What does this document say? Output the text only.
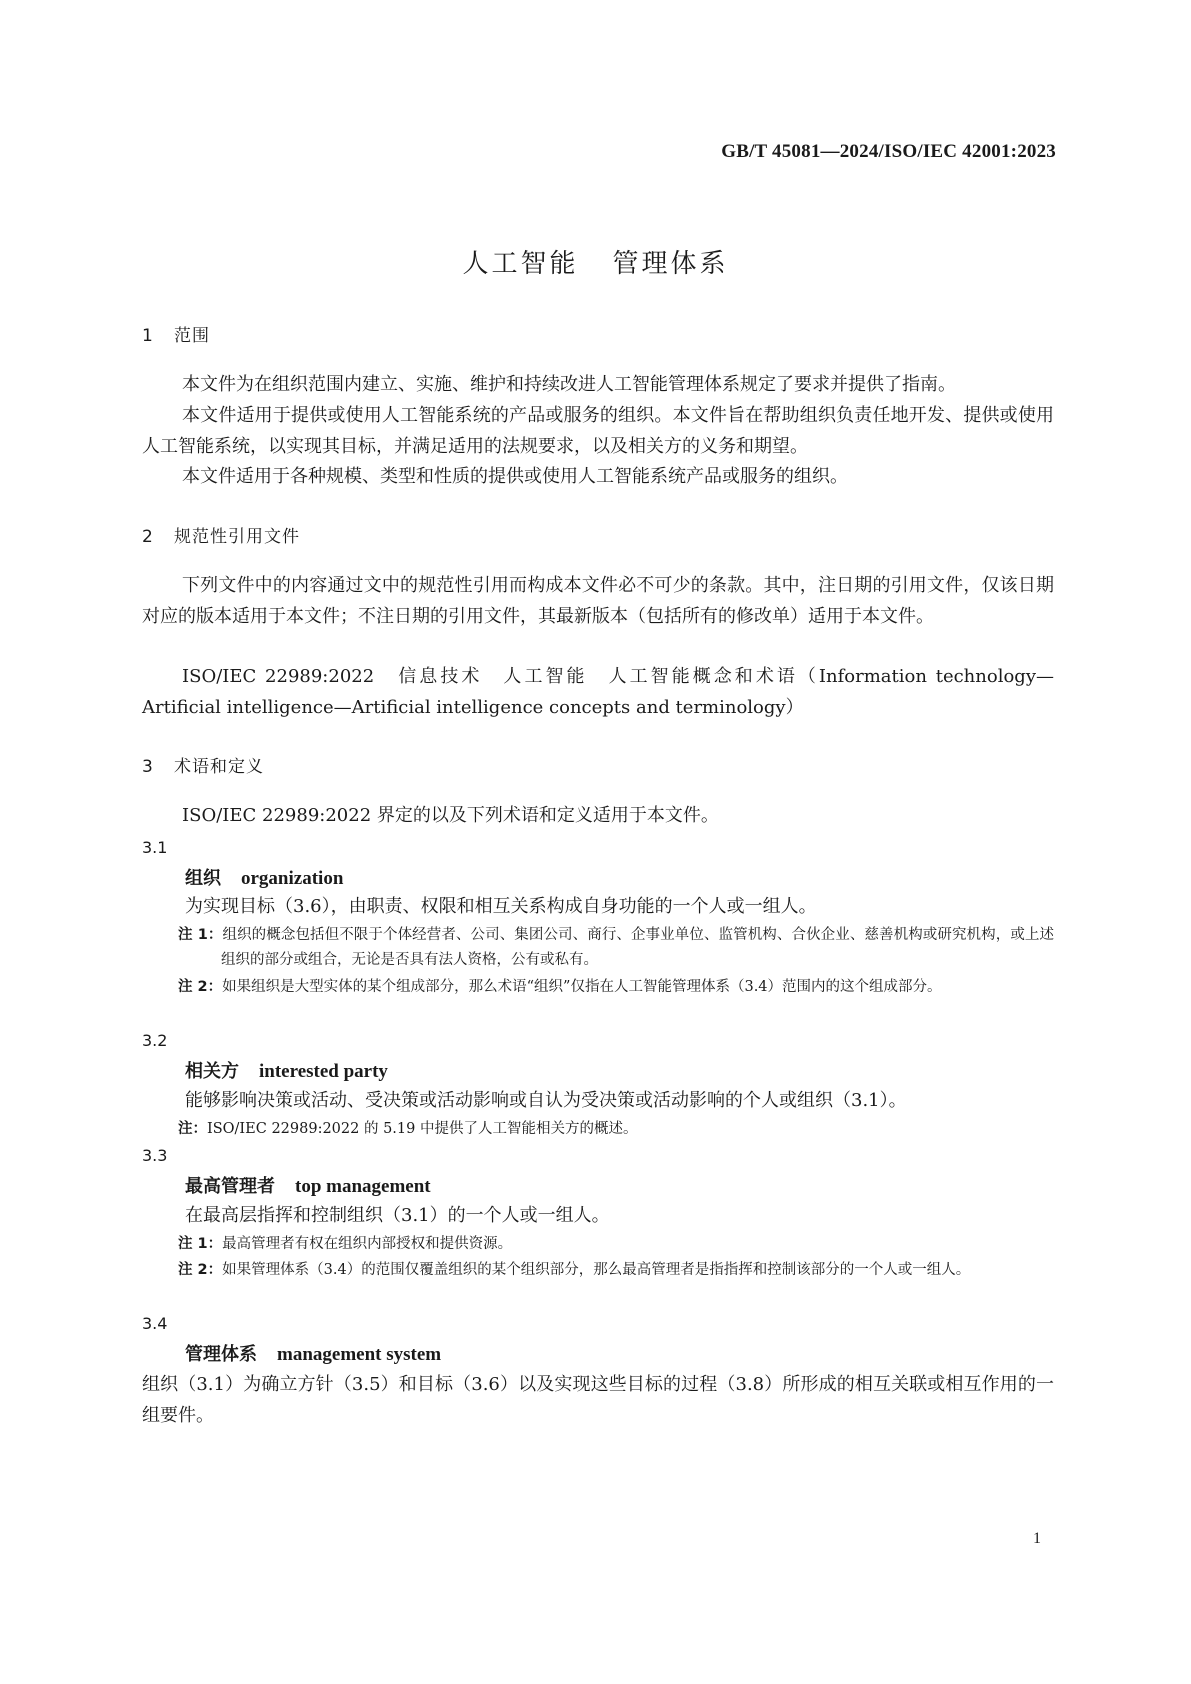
GB/T 45081—2024/ISO/IEC 42001:2023
人工智能 管理体系
1 范围
本文件为在组织范围内建立、实施、维护和持续改进人工智能管理体系规定了要求并提供了指南。
本文件适用于提供或使用人工智能系统的产品或服务的组织。本文件旨在帮助组织负责任地开发、提供或使用人工智能系统，以实现其目标，并满足适用的法规要求，以及相关方的义务和期望。
本文件适用于各种规模、类型和性质的提供或使用人工智能系统产品或服务的组织。
2 规范性引用文件
下列文件中的内容通过文中的规范性引用而构成本文件必不可少的条款。其中，注日期的引用文件，仅该日期对应的版本适用于本文件；不注日期的引用文件，其最新版本（包括所有的修改单）适用于本文件。
ISO/IEC 22989:2022　信息技术　人工智能　人工智能概念和术语（Information technology—Artificial intelligence—Artificial intelligence concepts and terminology）
3 术语和定义
ISO/IEC 22989:2022 界定的以及下列术语和定义适用于本文件。
3.1
组织 organization
为实现目标（3.6），由职责、权限和相互关系构成自身功能的一个人或一组人。
注 1：组织的概念包括但不限于个体经营者、公司、集团公司、商行、企事业单位、监管机构、合伙企业、慈善机构或研究机构，或上述组织的部分或组合，无论是否具有法人资格，公有或私有。
注 2：如果组织是大型实体的某个组成部分，那么术语“组织”仅指在人工智能管理体系（3.4）范围内的这个组成部分。
3.2
相关方 interested party
能够影响决策或活动、受决策或活动影响或自认为受决策或活动影响的个人或组织（3.1）。
注：ISO/IEC 22989:2022 的 5.19 中提供了人工智能相关方的概述。
3.3
最高管理者 top management
在最高层指挥和控制组织（3.1）的一个人或一组人。
注 1：最高管理者有权在组织内部授权和提供资源。
注 2：如果管理体系（3.4）的范围仅覆盖组织的某个组织部分，那么最高管理者是指指挥和控制该部分的一个人或一组人。
3.4
管理体系 management system
组织（3.1）为确立方针（3.5）和目标（3.6）以及实现这些目标的过程（3.8）所形成的相互关联或相互作用的一组要件。
1
